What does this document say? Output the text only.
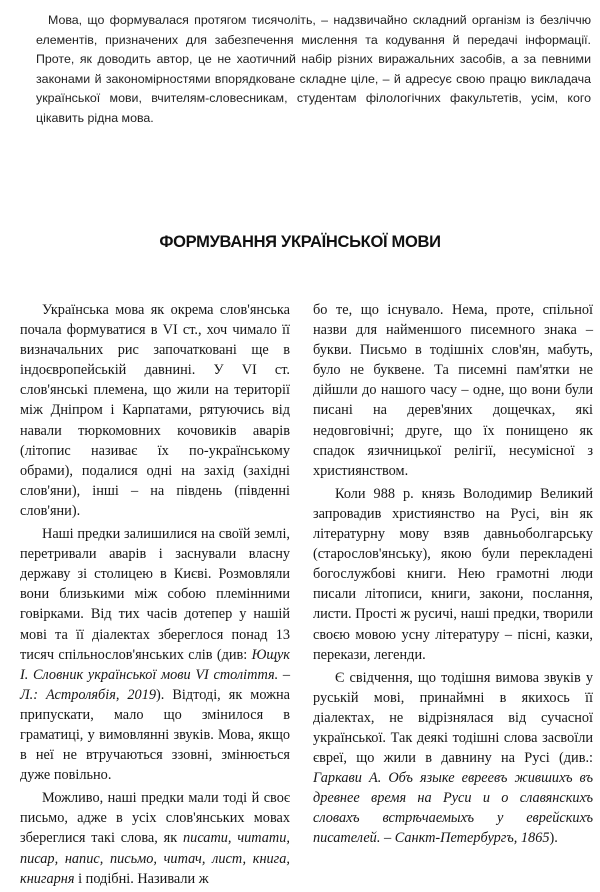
Мова, що формувалася протягом тисячоліть, – надзвичайно складний організм із безліччю елементів, призначених для забезпечення мислення та кодування й передачі інформації. Проте, як доводить автор, це не хаотичний набір різних виражальних засобів, а за певними законами й закономірностями впорядковане складне ціле, – й адресує свою працю викладача української мови, вчителям-словесникам, студентам філологічних факультетів, усім, кого цікавить рідна мова.

ФОРМУВАННЯ УКРАЇНСЬКОЇ МОВИ

Українська мова як окрема слов'янська почала формуватися в VI ст., хоч чимало її визначальних рис започатковані ще в індоєвропейській давнині. У VI ст. слов'янські племена, що жили на території між Дніпром і Карпатами, рятуючись від навали тюркомовних кочовиків аварів (літопис називає їх по-українському обрами), подалися одні на захід (західні слов'яни), інші – на південь (південні слов'яни).

Наші предки залишилися на своїй землі, перетривали аварів і заснували власну державу зі столицею в Києві. Розмовляли вони близькими між собою племінними говірками. Від тих часів дотепер у нашій мові та її діалектах збереглося понад 13 тисяч спільнослов'янських слів (див: Ющук І. Словник української мови VI століття. – Л.: Астролябія, 2019). Відтоді, як можна припускати, мало що змінилося в граматиці, у вимовлянні звуків. Мова, якщо в неї не втручаються ззовні, змінюється дуже повільно.

Можливо, наші предки мали тоді й своє письмо, адже в усіх слов'янських мовах збереглися такі слова, як писати, читати, писар, напис, письмо, читач, лист, книга, книгарня і подібні. Називали ж

бо те, що існувало. Нема, проте, спільної назви для найменшого писемного знака – букви. Письмо в тодішніх слов'ян, мабуть, було не буквене. Та писемні пам'ятки не дійшли до нашого часу – одне, що вони були писані на дерев'яних дощечках, які недовговічні; друге, що їх понищено як спадок язичницької релігії, несумісної з християнством.

Коли 988 р. князь Володимир Великий запровадив християнство на Русі, він як літературну мову взяв давньоболгарську (старослов'янську), якою були перекладені богослужбові книги. Нею грамотні люди писали літописи, книги, закони, послання, листи. Прості ж русичі, наші предки, творили своєю мовою усну літературу – пісні, казки, перекази, легенди.

Є свідчення, що тодішня вимова звуків у руській мові, принаймні в якихось її діалектах, не відрізнялася від сучасної української. Так деякі тодішні слова засвоїли євреї, що жили в давнину на Русі (див.: Гаркави А. Объ языке евреевъ жившихъ въ древнее время на Руси и о славянскихъ словахъ встрѣчаемыхъ у еврейскихъ писателей. – Санкт-Петербургъ, 1865).
